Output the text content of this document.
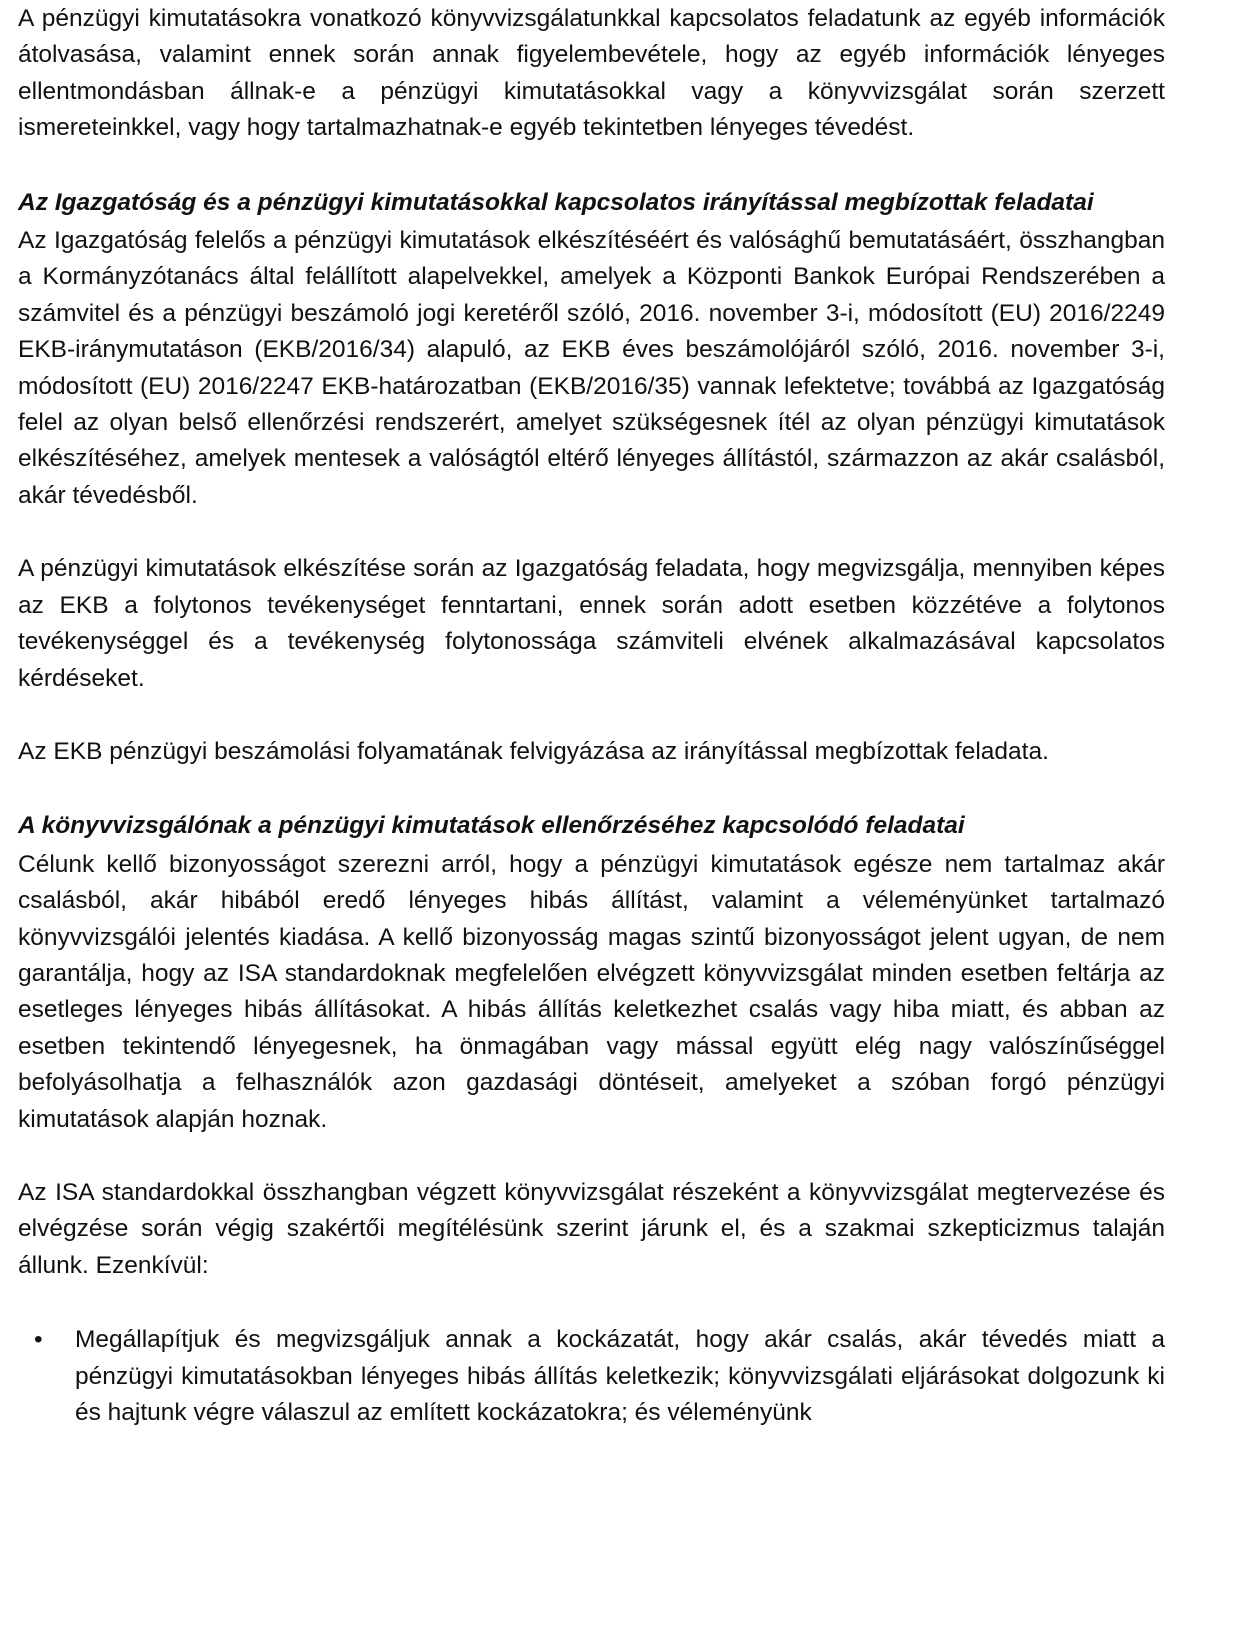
A pénzügyi kimutatásokra vonatkozó könyvvizsgálatunkkal kapcsolatos feladatunk az egyéb információk átolvasása, valamint ennek során annak figyelembevétele, hogy az egyéb információk lényeges ellentmondásban állnak-e a pénzügyi kimutatásokkal vagy a könyvvizsgálat során szerzett ismereteinkkel, vagy hogy tartalmazhatnak-e egyéb tekintetben lényeges tévedést.

Az Igazgatóság és a pénzügyi kimutatásokkal kapcsolatos irányítással megbízottak feladatai

Az Igazgatóság felelős a pénzügyi kimutatások elkészítéséért és valósághű bemutatásáért, összhangban a Kormányzótanács által felállított alapelvekkel, amelyek a Központi Bankok Európai Rendszerében a számvitel és a pénzügyi beszámoló jogi keretéről szóló, 2016. november 3-i, módosított (EU) 2016/2249 EKB-iránymutatáson (EKB/2016/34) alapuló, az EKB éves beszámolójáról szóló, 2016. november 3-i, módosított (EU) 2016/2247 EKB-határozatban (EKB/2016/35) vannak lefektetve; továbbá az Igazgatóság felel az olyan belső ellenőrzési rendszerért, amelyet szükségesnek ítél az olyan pénzügyi kimutatások elkészítéséhez, amelyek mentesek a valóságtól eltérő lényeges állítástól, származzon az akár csalásból, akár tévedésből.

A pénzügyi kimutatások elkészítése során az Igazgatóság feladata, hogy megvizsgálja, mennyiben képes az EKB a folytonos tevékenységet fenntartani, ennek során adott esetben közzétéve a folytonos tevékenységgel és a tevékenység folytonossága számviteli elvének alkalmazásával kapcsolatos kérdéseket.

Az EKB pénzügyi beszámolási folyamatának felvigyázása az irányítással megbízottak feladata.

A könyvvizsgálónak a pénzügyi kimutatások ellenőrzéséhez kapcsolódó feladatai

Célunk kellő bizonyosságot szerezni arról, hogy a pénzügyi kimutatások egésze nem tartalmaz akár csalásból, akár hibából eredő lényeges hibás állítást, valamint a véleményünket tartalmazó könyvvizsgálói jelentés kiadása. A kellő bizonyosság magas szintű bizonyosságot jelent ugyan, de nem garantálja, hogy az ISA standardoknak megfelelően elvégzett könyvvizsgálat minden esetben feltárja az esetleges lényeges hibás állításokat. A hibás állítás keletkezhet csalás vagy hiba miatt, és abban az esetben tekintendő lényegesnek, ha önmagában vagy mással együtt elég nagy valószínűséggel befolyásolhatja a felhasználók azon gazdasági döntéseit, amelyeket a szóban forgó pénzügyi kimutatások alapján hoznak.

Az ISA standardokkal összhangban végzett könyvvizsgálat részeként a könyvvizsgálat megtervezése és elvégzése során végig szakértői megítélésünk szerint járunk el, és a szakmai szkepticizmus talaján állunk. Ezenkívül:

• Megállapítjuk és megvizsgáljuk annak a kockázatát, hogy akár csalás, akár tévedés miatt a pénzügyi kimutatásokban lényeges hibás állítás keletkezik; könyvvizsgálati eljárásokat dolgozunk ki és hajtunk végre válaszul az említett kockázatokra; és véleményünk
